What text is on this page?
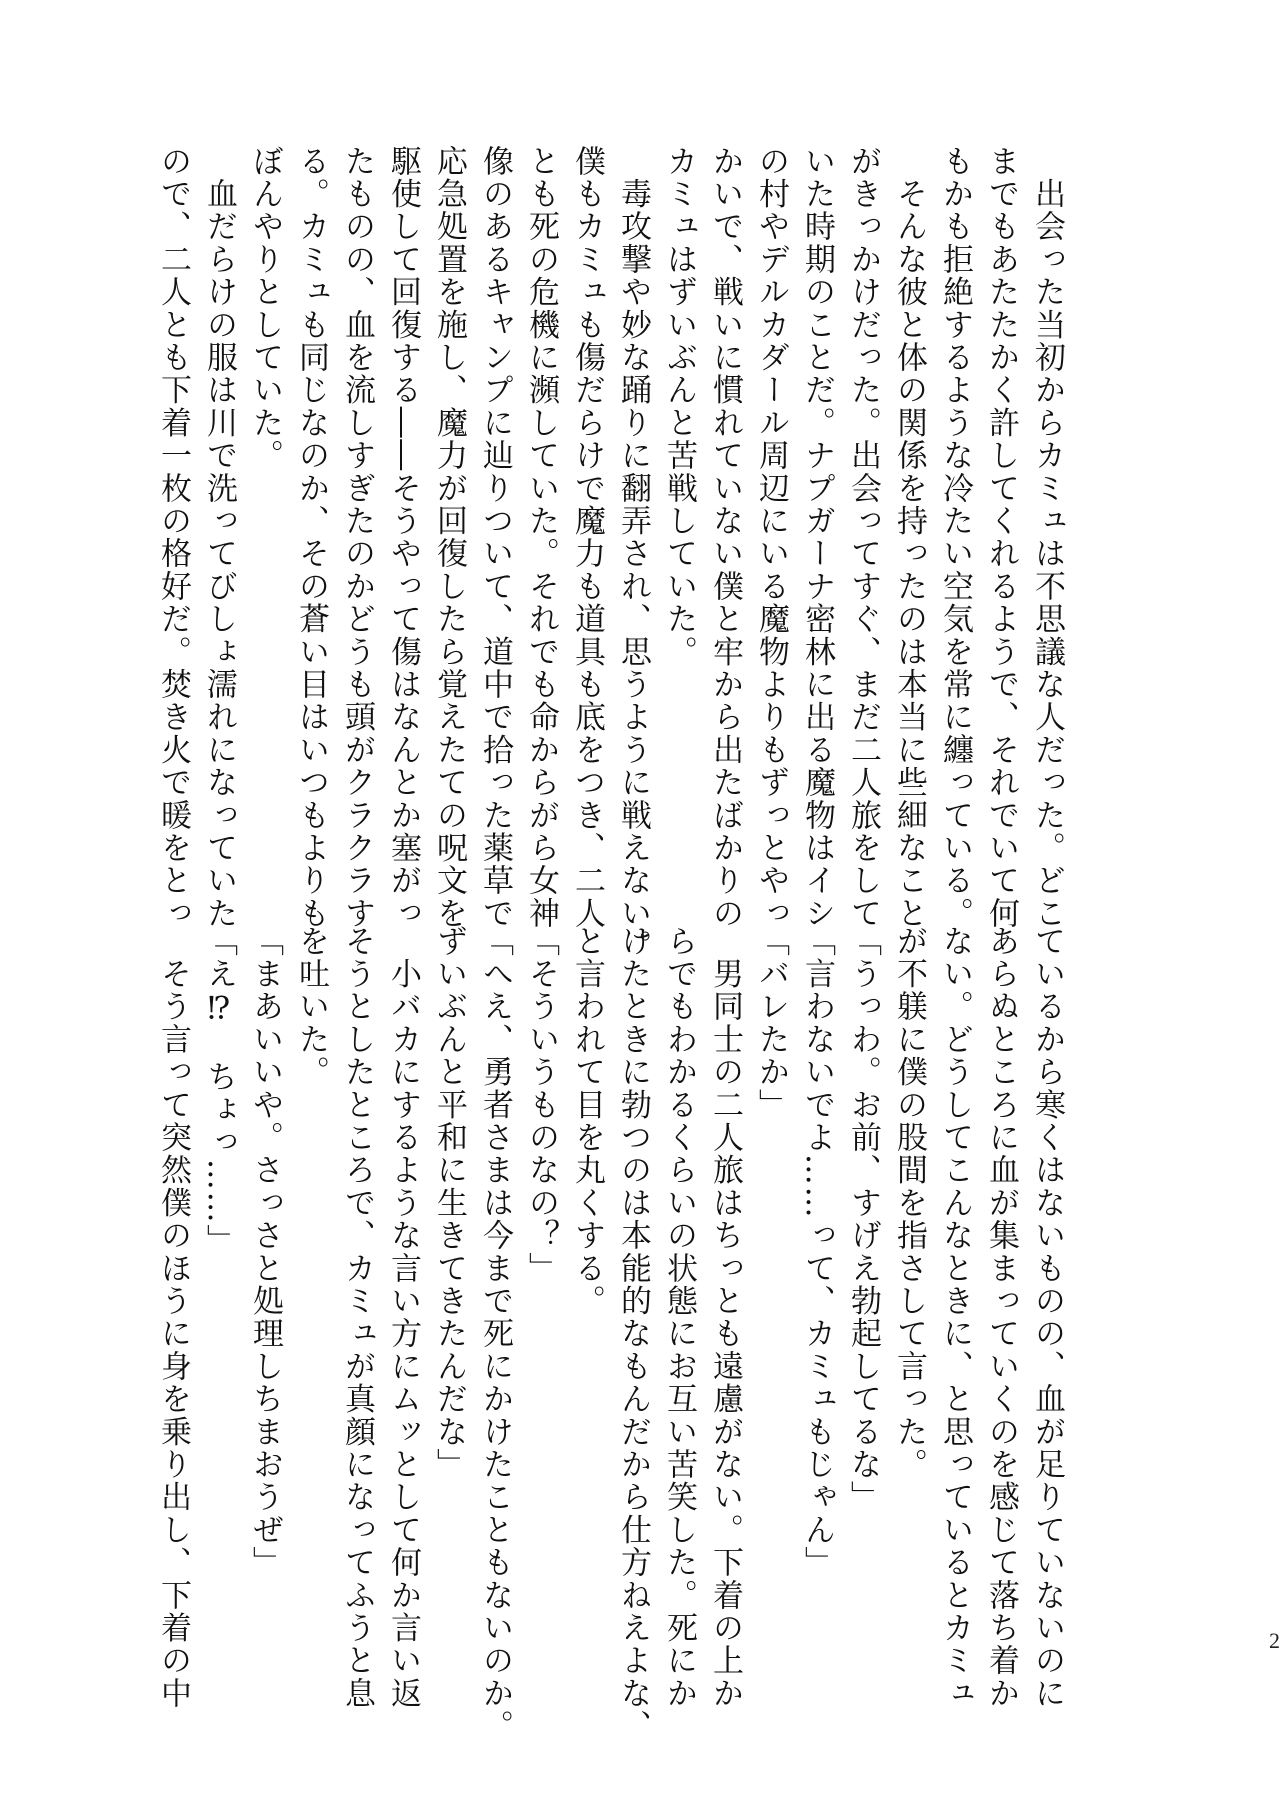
　出会った当初からカミュは不思議な人だった。どこ
までもあたたかく許してくれるようで、それでいて何
もかも拒絶するような冷たい空気を常に纏っている。
　そんな彼と体の関係を持ったのは本当に些細なこと
がきっかけだった。出会ってすぐ、まだ二人旅をして
いた時期のことだ。ナプガーナ密林に出る魔物はイシ
の村やデルカダール周辺にいる魔物よりもずっとやっ
かいで、戦いに慣れていない僕と牢から出たばかりの
カミュはずいぶんと苦戦していた。
　毒攻撃や妙な踊りに翻弄され、思うように戦えない。
僕もカミュも傷だらけで魔力も道具も底をつき、二人
とも死の危機に瀕していた。それでも命からがら女神
像のあるキャンプに辿りついて、道中で拾った薬草で
応急処置を施し、魔力が回復したら覚えたての呪文を
駆使して回復する――そうやって傷はなんとか塞がっ
たものの、血を流しすぎたのかどうも頭がクラクラす
る。カミュも同じなのか、その蒼い目はいつもよりも
ぼんやりとしていた。
　血だらけの服は川で洗ってびしょ濡れになっていた
ので、二人とも下着一枚の格好だ。焚き火で暖をとっ
ているから寒くはないものの、血が足りていないのに
あらぬところに血が集まっていくのを感じて落ち着か
ない。どうしてこんなときに、と思っているとカミュ
が不躾に僕の股間を指さして言った。
「うっわ。お前、すげえ勃起してるな」
「言わないでよ……って、カミュもじゃん」
「バレたか」
　男同士の二人旅はちっとも遠慮がない。下着の上か
らでもわかるくらいの状態にお互い苦笑した。死にか
けたときに勃つのは本能的なもんだから仕方ねえよな、
と言われて目を丸くする。
「そういうものなの？」
「へえ、勇者さまは今まで死にかけたこともないのか。
ずいぶんと平和に生きてきたんだな」
　小バカにするような言い方にムッとして何か言い返
そうとしたところで、カミュが真顔になってふうと息
を吐いた。
「まあいいや。さっさと処理しちまおうぜ」
「え⁉　ちょっ……」
　そう言って突然僕のほうに身を乗り出し、下着の中	2
